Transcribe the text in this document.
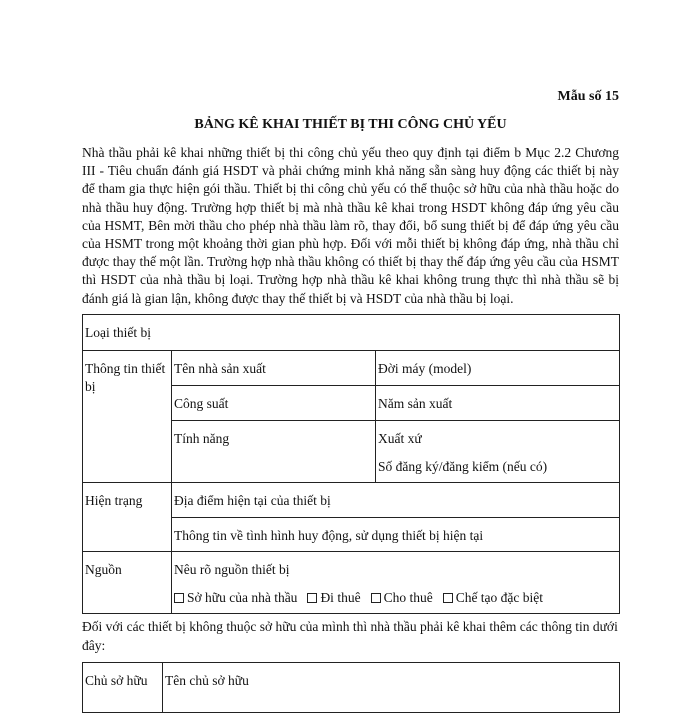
Mẫu số 15
BẢNG KÊ KHAI THIẾT BỊ THI CÔNG CHỦ YẾU

Nhà thầu phải kê khai những thiết bị thi công chủ yếu theo quy định tại điểm b Mục 2.2 Chương III - Tiêu chuẩn đánh giá HSDT và phải chứng minh khả năng sẵn sàng huy động các thiết bị này để tham gia thực hiện gói thầu. Thiết bị thi công chủ yếu có thể thuộc sở hữu của nhà thầu hoặc do nhà thầu huy động. Trường hợp thiết bị mà nhà thầu kê khai trong HSDT không đáp ứng yêu cầu của HSMT, Bên mời thầu cho phép nhà thầu làm rõ, thay đổi, bổ sung thiết bị để đáp ứng yêu cầu của HSMT trong một khoảng thời gian phù hợp. Đối với mỗi thiết bị không đáp ứng, nhà thầu chỉ được thay thế một lần. Trường hợp nhà thầu không có thiết bị thay thế đáp ứng yêu cầu của HSMT thì HSDT của nhà thầu bị loại. Trường hợp nhà thầu kê khai không trung thực thì nhà thầu sẽ bị đánh giá là gian lận, không được thay thế thiết bị và HSDT của nhà thầu bị loại.

Loại thiết bị		

Thông tin thiết bị	Tên nhà sản xuất	Đời máy (model)

	Công suất	Năm sản xuất

	Tính năng	Xuất xứ
Số đăng ký/đăng kiểm (nếu có)

Hiện trạng	Địa điểm hiện tại của thiết bị	

	Thông tin về tình hình huy động, sử dụng thiết bị hiện tại	

Nguồn	Nêu rõ nguồn thiết bị
Sở hữu của nhà thầu Đi thuê Cho thuê Chế tạo đặc biệt	

Đối với các thiết bị không thuộc sở hữu của mình thì nhà thầu phải kê khai thêm các thông tin dưới đây:

Chủ sở hữu	Tên chủ sở hữu
